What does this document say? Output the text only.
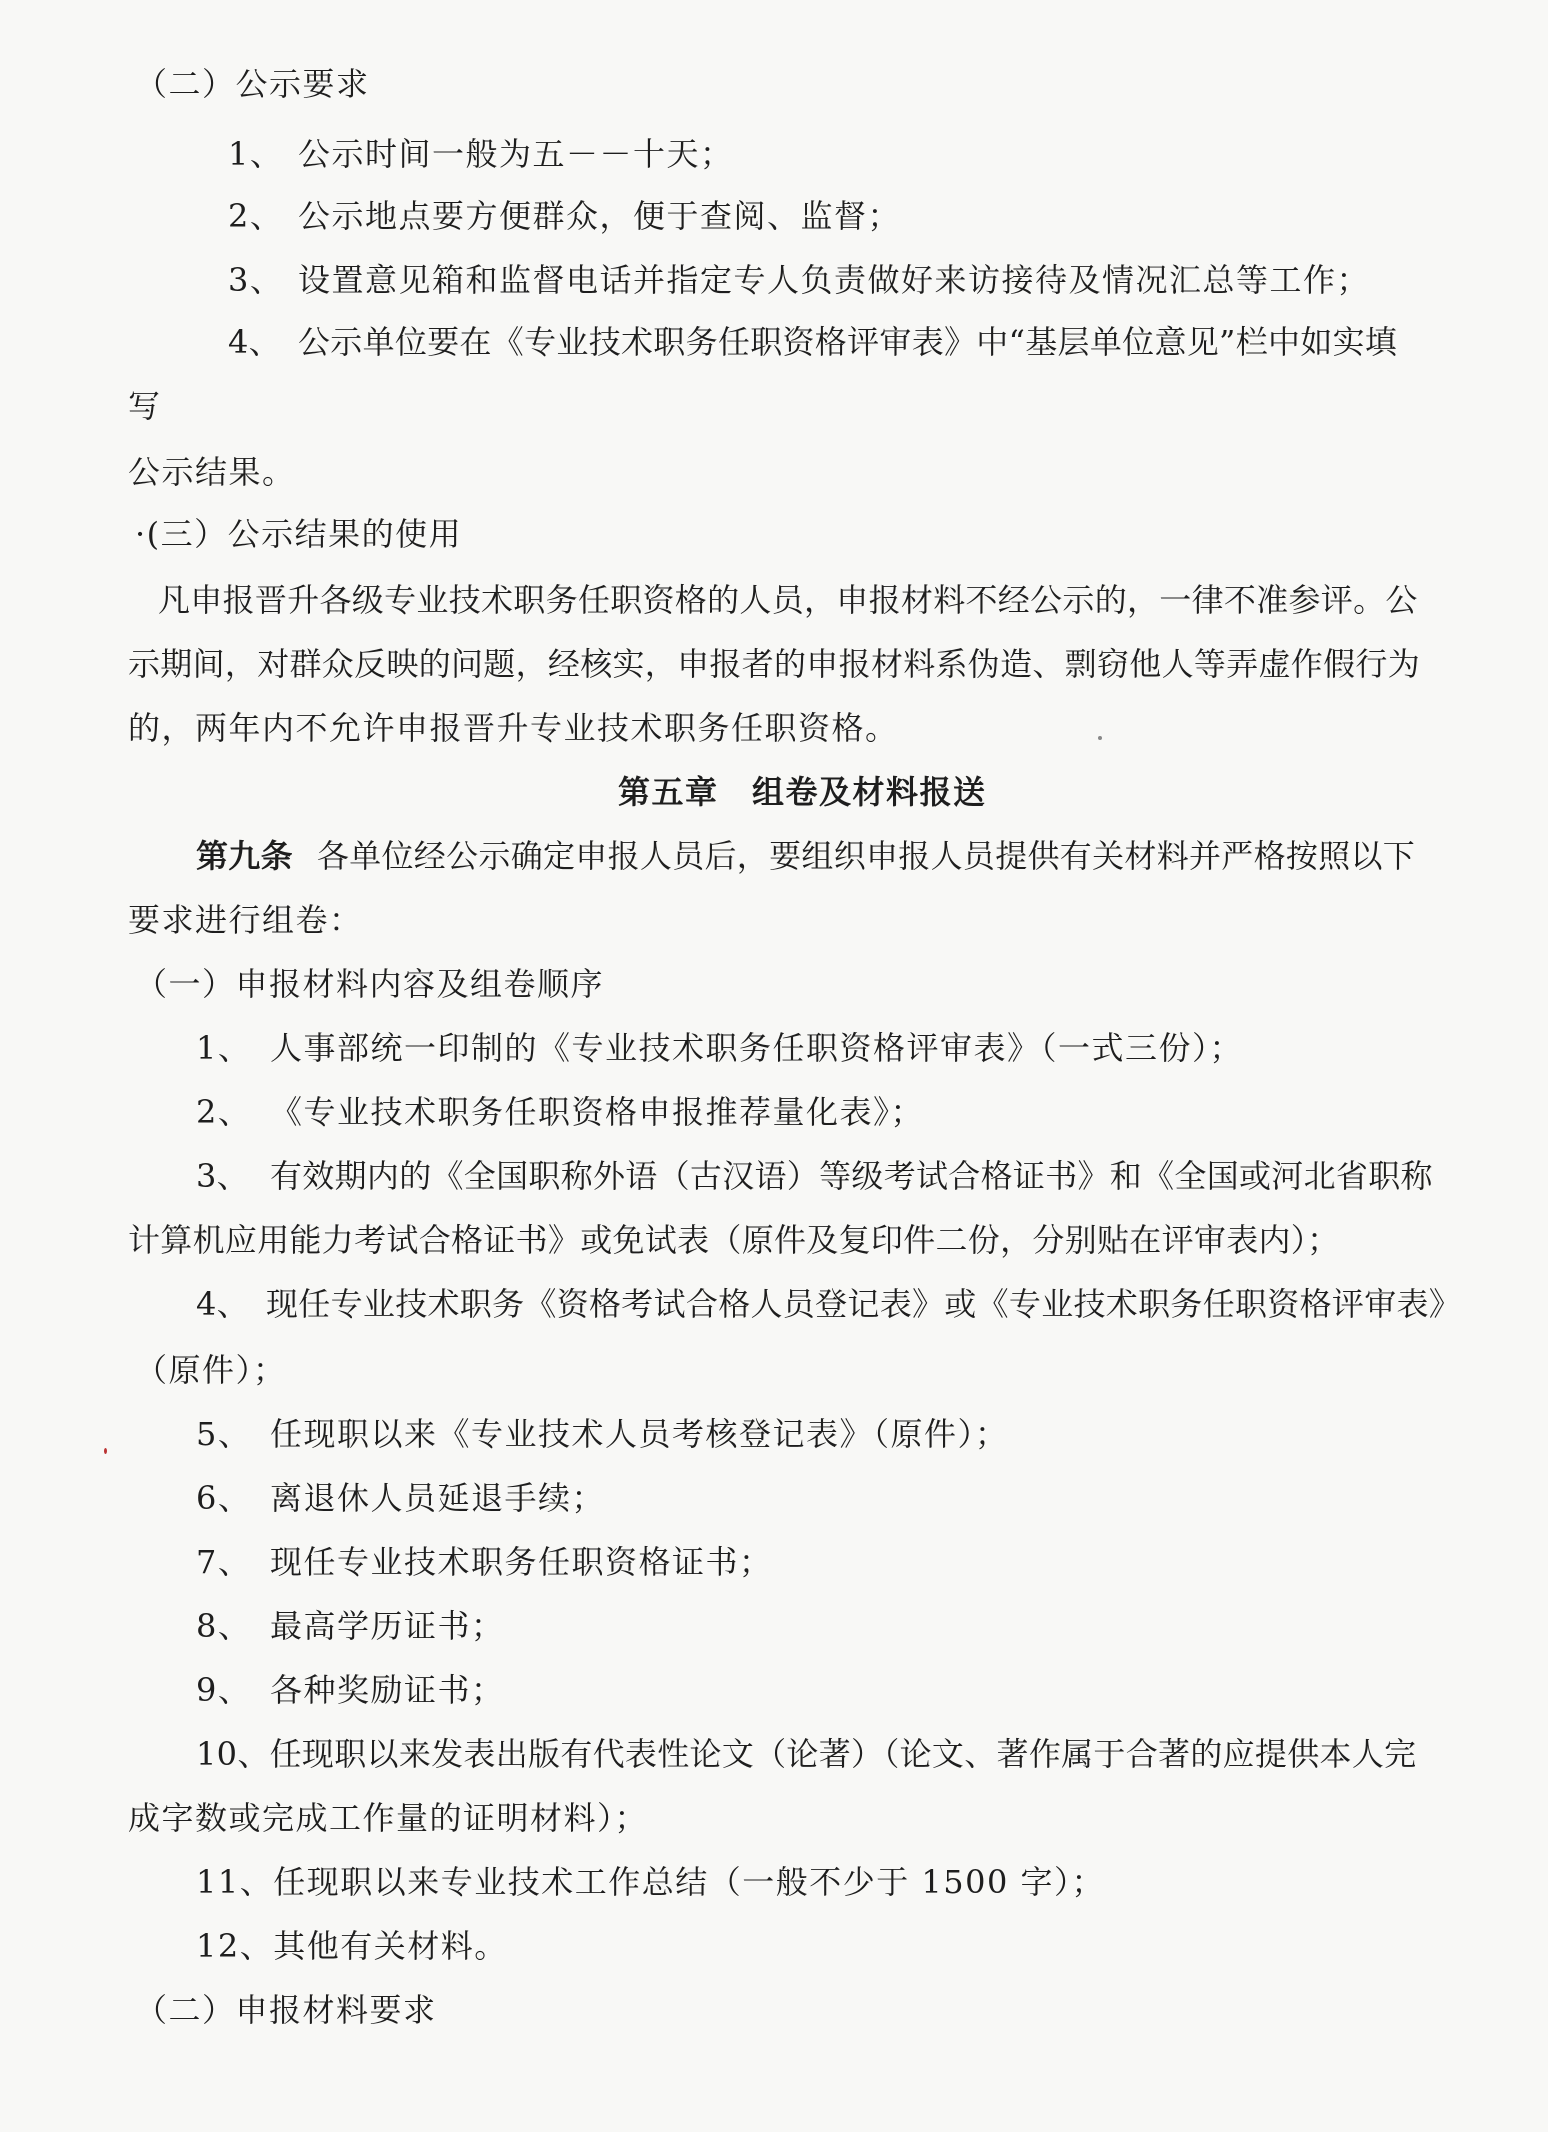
（二）公示要求
1、 公示时间一般为五－－十天；
2、 公示地点要方便群众，便于查阅、监督；
3、 设置意见箱和监督电话并指定专人负责做好来访接待及情况汇总等工作；
4、 公示单位要在《专业技术职务任职资格评审表》中“基层单位意见”栏中如实填
写
公示结果。
·(三）公示结果的使用
凡申报晋升各级专业技术职务任职资格的人员，申报材料不经公示的，一律不准参评。公
示期间，对群众反映的问题，经核实，申报者的申报材料系伪造、剽窃他人等弄虚作假行为
的，两年内不允许申报晋升专业技术职务任职资格。
第五章　组卷及材料报送
第九条 各单位经公示确定申报人员后，要组织申报人员提供有关材料并严格按照以下
要求进行组卷：
（一）申报材料内容及组卷顺序
1、 人事部统一印制的《专业技术职务任职资格评审表》（一式三份）；
2、 《专业技术职务任职资格申报推荐量化表》；
3、 有效期内的《全国职称外语（古汉语）等级考试合格证书》和《全国或河北省职称
计算机应用能力考试合格证书》或免试表（原件及复印件二份，分别贴在评审表内）；
4、 现任专业技术职务《资格考试合格人员登记表》或《专业技术职务任职资格评审表》
（原件）；
5、 任现职以来《专业技术人员考核登记表》（原件）；
6、 离退休人员延退手续；
7、 现任专业技术职务任职资格证书；
8、 最高学历证书；
9、 各种奖励证书；
10、任现职以来发表出版有代表性论文（论著）（论文、著作属于合著的应提供本人完
成字数或完成工作量的证明材料）；
11、任现职以来专业技术工作总结（一般不少于 1500 字）；
12、其他有关材料。
（二）申报材料要求
